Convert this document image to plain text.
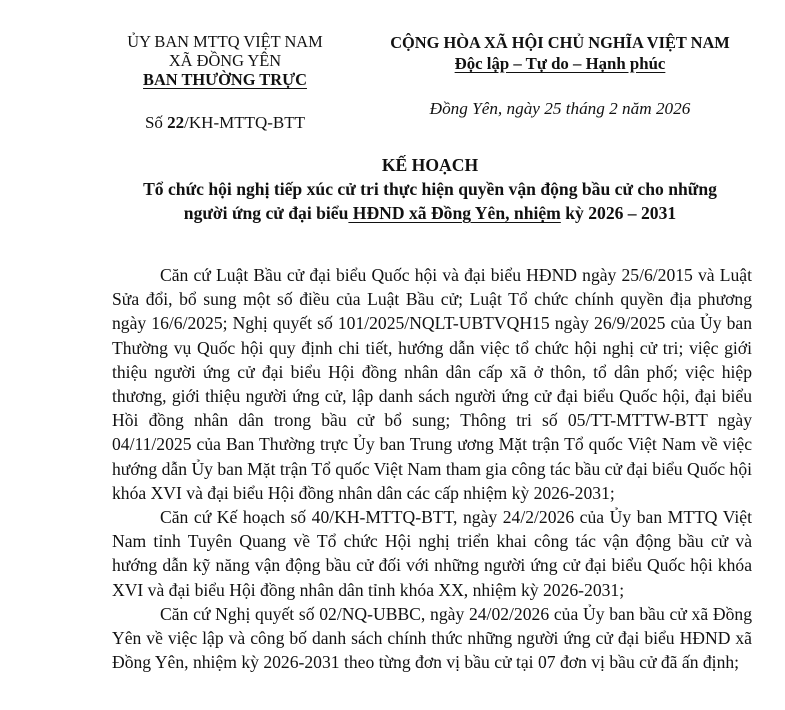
ỦY BAN MTTQ VIỆT NAM
XÃ ĐỒNG YÊN
BAN THƯỜNG TRỰC
Số 22/KH-MTTQ-BTT
CỘNG HÒA XÃ HỘI CHỦ NGHĨA VIỆT NAM
Độc lập – Tự do – Hạnh phúc
Đồng Yên, ngày 25 tháng 2 năm 2026
KẾ HOẠCH
Tổ chức hội nghị tiếp xúc cử tri thực hiện quyền vận động bầu cử cho những
người ứng cử đại biểu HĐND xã Đồng Yên, nhiệm kỳ 2026 – 2031

Căn cứ Luật Bầu cử đại biểu Quốc hội và đại biểu HĐND ngày 25/6/2015 và Luật Sửa đổi, bổ sung một số điều của Luật Bầu cử; Luật Tổ chức chính quyền địa phương ngày 16/6/2025; Nghị quyết số 101/2025/NQLT-UBTVQH15 ngày 26/9/2025 của Ủy ban Thường vụ Quốc hội quy định chi tiết, hướng dẫn việc tổ chức hội nghị cử tri; việc giới thiệu người ứng cử đại biểu Hội đồng nhân dân cấp xã ở thôn, tổ dân phố; việc hiệp thương, giới thiệu người ứng cử, lập danh sách người ứng cử đại biểu Quốc hội, đại biểu Hồi đồng nhân dân trong bầu cử bổ sung; Thông tri số 05/TT-MTTW-BTT ngày 04/11/2025 của Ban Thường trực Ủy ban Trung ương Mặt trận Tổ quốc Việt Nam về việc hướng dẫn Ủy ban Mặt trận Tổ quốc Việt Nam tham gia công tác bầu cử đại biểu Quốc hội khóa XVI và đại biểu Hội đồng nhân dân các cấp nhiệm kỳ 2026-2031;

Căn cứ Kế hoạch số 40/KH-MTTQ-BTT, ngày 24/2/2026 của Ủy ban MTTQ Việt Nam tỉnh Tuyên Quang về Tổ chức Hội nghị triển khai công tác vận động bầu cử và hướng dẫn kỹ năng vận động bầu cử đối với những người ứng cử đại biểu Quốc hội khóa XVI và đại biểu Hội đồng nhân dân tỉnh khóa XX, nhiệm kỳ 2026-2031;

Căn cứ Nghị quyết số 02/NQ-UBBC, ngày 24/02/2026 của Ủy ban bầu cử xã Đồng Yên về việc lập và công bố danh sách chính thức những người ứng cử đại biểu HĐND xã Đồng Yên, nhiệm kỳ 2026-2031 theo từng đơn vị bầu cử tại 07 đơn vị bầu cử đã ấn định;
